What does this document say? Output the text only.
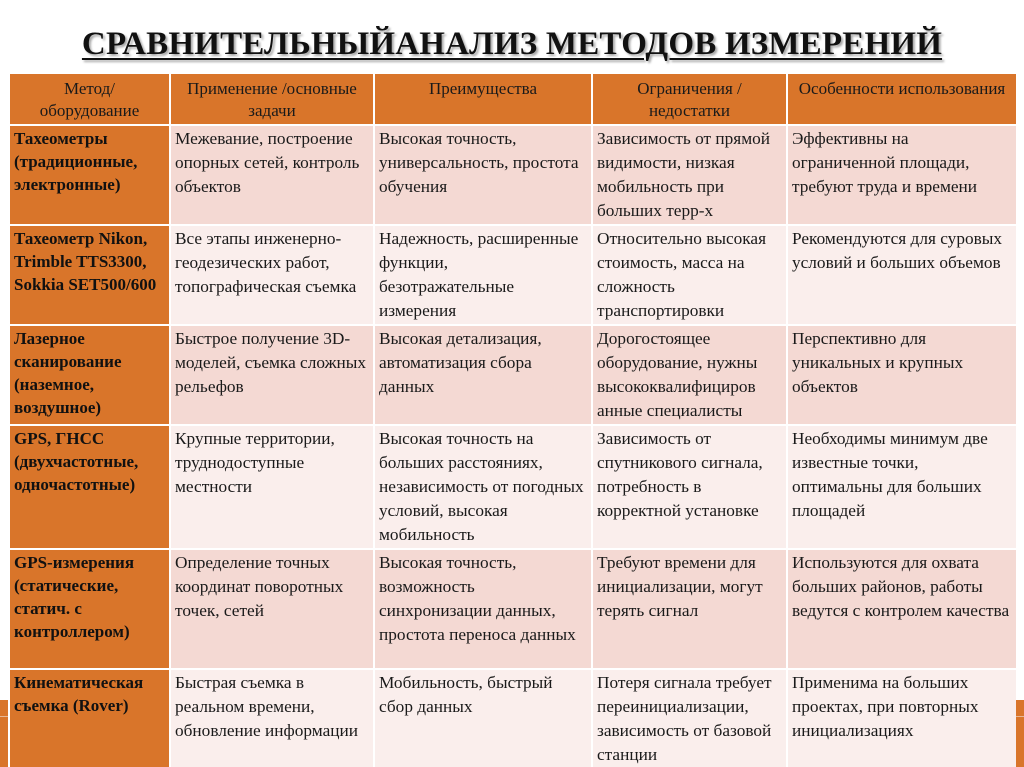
СРАВНИТЕЛЬНЫЙАНАЛИЗ МЕТОДОВ ИЗМЕРЕНИЙ
Метод/ оборудование	Применение /основные задачи	Преимущества	Ограничения /недостатки	Особенности использования
Тахеометры (традиционные, электронные)	Межевание, построение опорных сетей, контроль объектов	Высокая точность, универсальность, простота обучения	Зависимость от прямой видимости, низкая мобильность при больших терр-х	Эффективны на ограниченной площади, требуют труда и времени
Тахеометр Nikon, Trimble TTS3300, Sokkia SET500/600	Все этапы инженерно-геодезических работ, топографическая съемка	Надежность, расширенные функции, безотражательные измерения	Относительно высокая стоимость, масса на сложность транспортировки	Рекомендуются для суровых условий и больших объемов
Лазерное сканирование (наземное, воздушное)	Быстрое получение 3D-моделей, съемка сложных рельефов	Высокая детализация, автоматизация сбора данных	Дорогостоящее оборудование, нужны высококвалифициров анные специалисты	Перспективно для уникальных и крупных объектов
GPS, ГНСС (двухчастотные, одночастотные)	Крупные территории, труднодоступные местности	Высокая точность на больших расстояниях, независимость от погодных условий, высокая мобильность	Зависимость от спутникового сигнала, потребность в корректной установке	Необходимы минимум две известные точки, оптимальны для больших площадей
GPS-измерения (статические, статич. с контроллером)	Определение точных координат поворотных точек, сетей	Высокая точность, возможность синхронизации данных, простота переноса данных	Требуют времени для инициализации, могут терять сигнал	Используются для охвата больших районов, работы ведутся с контролем качества
Кинематическая съемка (Rover)	Быстрая съемка в реальном времени, обновление информации	Мобильность, быстрый сбор данных	Потеря сигнала требует переинициализации, зависимость от базовой станции	Применима на больших проектах, при повторных инициализациях
